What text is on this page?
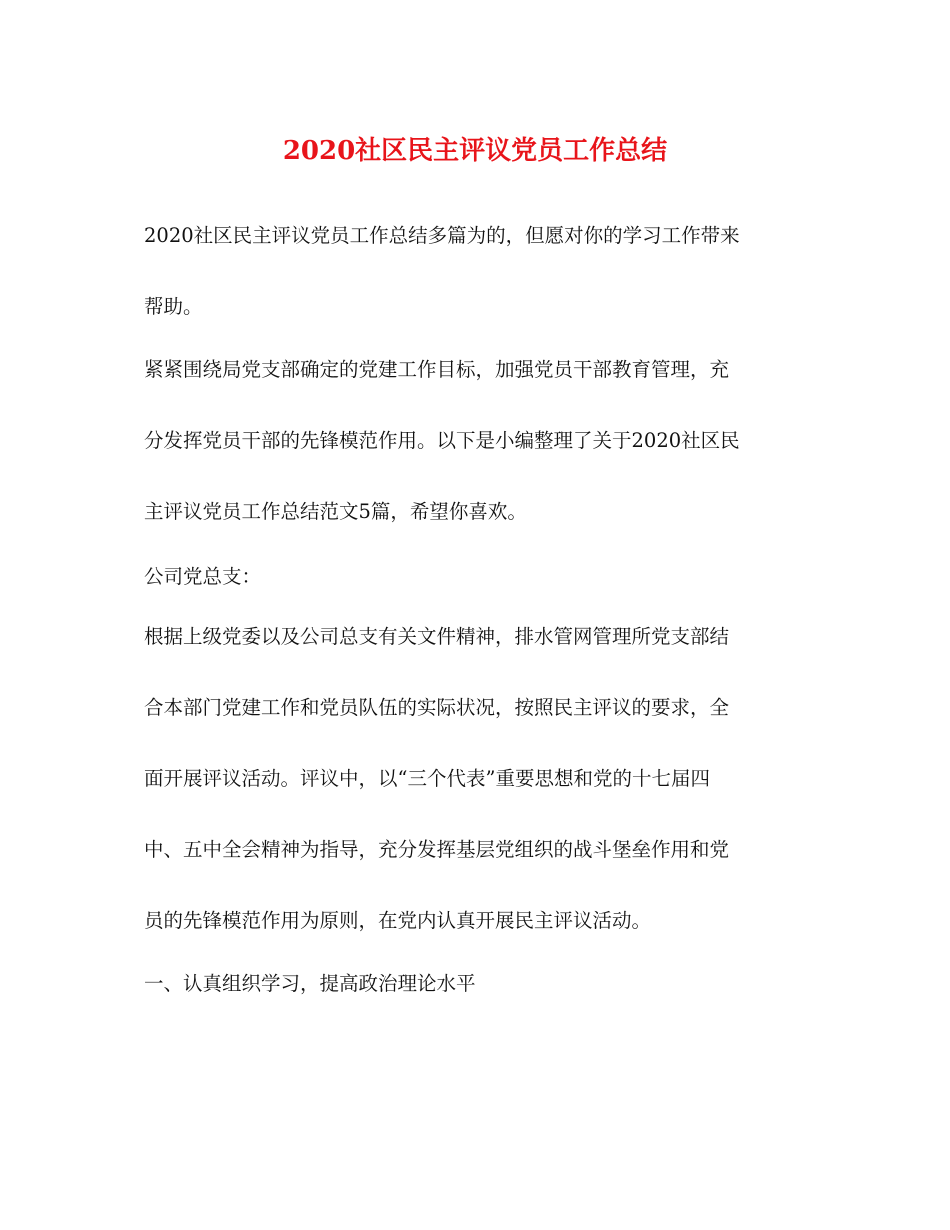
2020社区民主评议党员工作总结

2020社区民主评议党员工作总结多篇为的，但愿对你的学习工作带来

帮助。

紧紧围绕局党支部确定的党建工作目标，加强党员干部教育管理，充

分发挥党员干部的先锋模范作用。以下是小编整理了关于2020社区民

主评议党员工作总结范文5篇，希望你喜欢。

公司党总支：

根据上级党委以及公司总支有关文件精神，排水管网管理所党支部结

合本部门党建工作和党员队伍的实际状况，按照民主评议的要求，全

面开展评议活动。评议中，以“三个代表”重要思想和党的十七届四

中、五中全会精神为指导，充分发挥基层党组织的战斗堡垒作用和党

员的先锋模范作用为原则，在党内认真开展民主评议活动。

一、认真组织学习，提高政治理论水平
